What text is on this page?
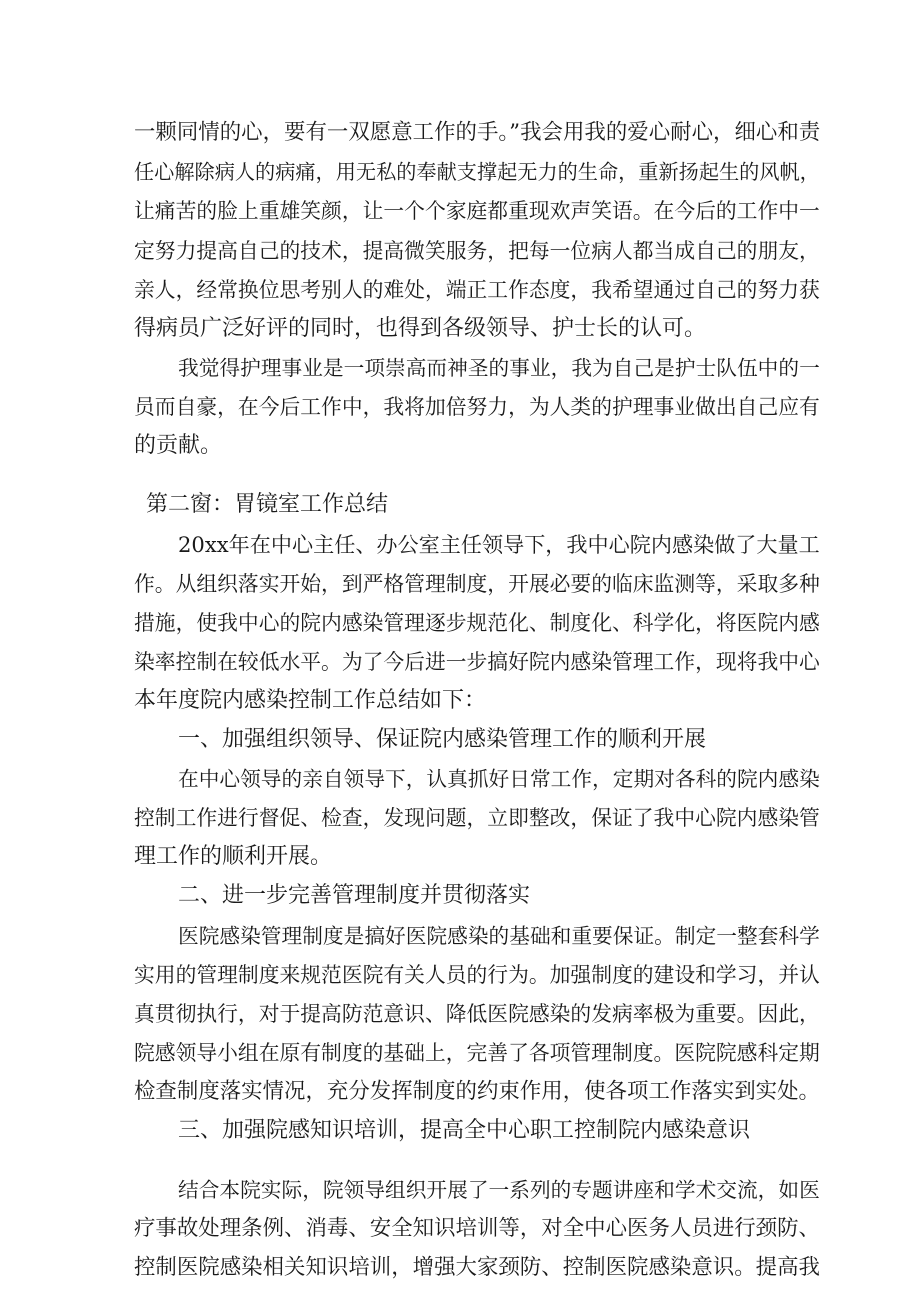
一颗同情的心，要有一双愿意工作的手。”我会用我的爱心耐心，细心和责

任心解除病人的病痛，用无私的奉献支撑起无力的生命，重新扬起生的风帆，

让痛苦的脸上重雄笑颜，让一个个家庭都重现欢声笑语。在今后的工作中一

定努力提高自己的技术，提高微笑服务，把每一位病人都当成自己的朋友，

亲人，经常换位思考别人的难处，端正工作态度，我希望通过自己的努力获

得病员广泛好评的同时，也得到各级领导、护士长的认可。

我觉得护理事业是一项崇高而神圣的事业，我为自己是护士队伍中的一

员而自豪，在今后工作中，我将加倍努力，为人类的护理事业做出自己应有

的贡献。

第二窗：胃镜室工作总结

20xx年在中心主任、办公室主任领导下，我中心院内感染做了大量工

作。从组织落实开始，到严格管理制度，开展必要的临床监测等，采取多种

措施，使我中心的院内感染管理逐步规范化、制度化、科学化，将医院内感

染率控制在较低水平。为了今后进一步搞好院内感染管理工作，现将我中心

本年度院内感染控制工作总结如下：

一、加强组织领导、保证院内感染管理工作的顺利开展

在中心领导的亲自领导下，认真抓好日常工作，定期对各科的院内感染

控制工作进行督促、检查，发现问题，立即整改，保证了我中心院内感染管

理工作的顺利开展。

二、进一步完善管理制度并贯彻落实

医院感染管理制度是搞好医院感染的基础和重要保证。制定一整套科学

实用的管理制度来规范医院有关人员的行为。加强制度的建设和学习，并认

真贯彻执行，对于提高防范意识、降低医院感染的发病率极为重要。因此，

院感领导小组在原有制度的基础上，完善了各项管理制度。医院院感科定期

检查制度落实情况，充分发挥制度的约束作用，使各项工作落实到实处。

三、加强院感知识培训，提高全中心职工控制院内感染意识

结合本院实际，院领导组织开展了一系列的专题讲座和学术交流，如医

疗事故处理条例、消毒、安全知识培训等，对全中心医务人员进行颈防、

控制医院感染相关知识培训，增强大家颈防、控制医院感染意识。提高我
